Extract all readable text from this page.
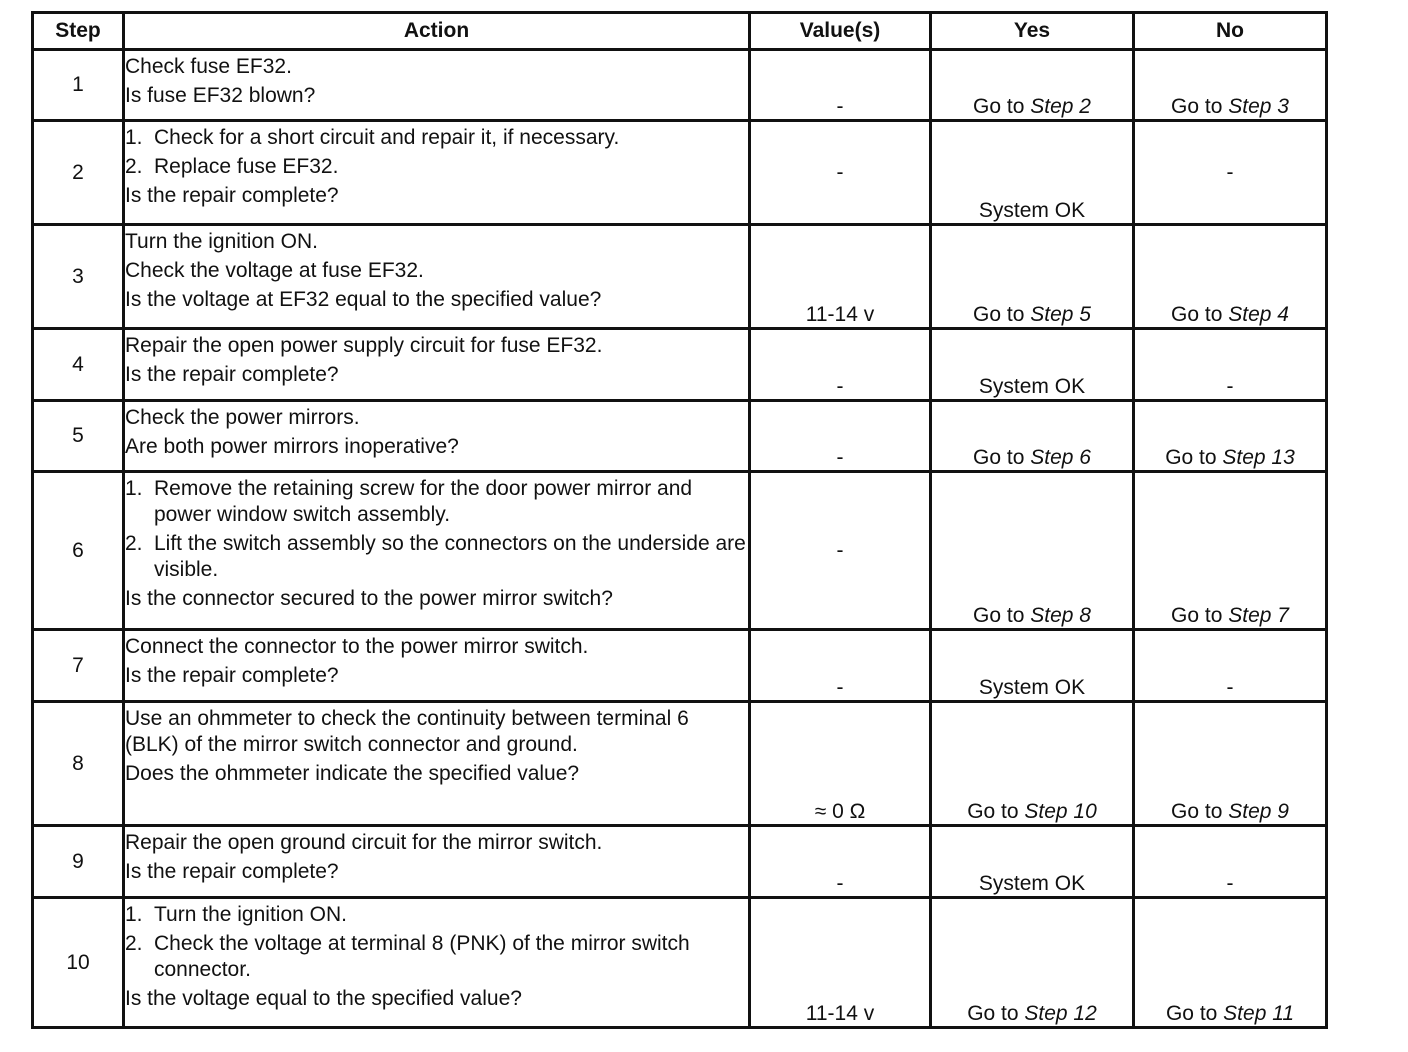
Step	Action	Value(s)	Yes	No
1	Check fuse EF32.

Is fuse EF32 blown?	-	Go to Step 2	Go to Step 3
2	1. Check for a short circuit and repair it, if necessary.
2. Replace fuse EF32.

Is the repair complete?	-	System OK	-
3	Turn the ignition ON.

Check the voltage at fuse EF32.

Is the voltage at EF32 equal to the specified value?	11-14 v	Go to Step 5	Go to Step 4
4	Repair the open power supply circuit for fuse EF32.

Is the repair complete?	-	System OK	-
5	Check the power mirrors.

Are both power mirrors inoperative?	-	Go to Step 6	Go to Step 13
6	1. Remove the retaining screw for the door power mirror and power window switch assembly.
2. Lift the switch assembly so the connectors on the underside are visible.

Is the connector secured to the power mirror switch?	-	Go to Step 8	Go to Step 7
7	Connect the connector to the power mirror switch.

Is the repair complete?	-	System OK	-
8	Use an ohmmeter to check the continuity between terminal 6 (BLK) of the mirror switch connector and ground.

Does the ohmmeter indicate the specified value?	≈ 0 Ω	Go to Step 10	Go to Step 9
9	Repair the open ground circuit for the mirror switch.

Is the repair complete?	-	System OK	-
10	1. Turn the ignition ON.
2. Check the voltage at terminal 8 (PNK) of the mirror switch connector.

Is the voltage equal to the specified value?	11-14 v	Go to Step 12	Go to Step 11
